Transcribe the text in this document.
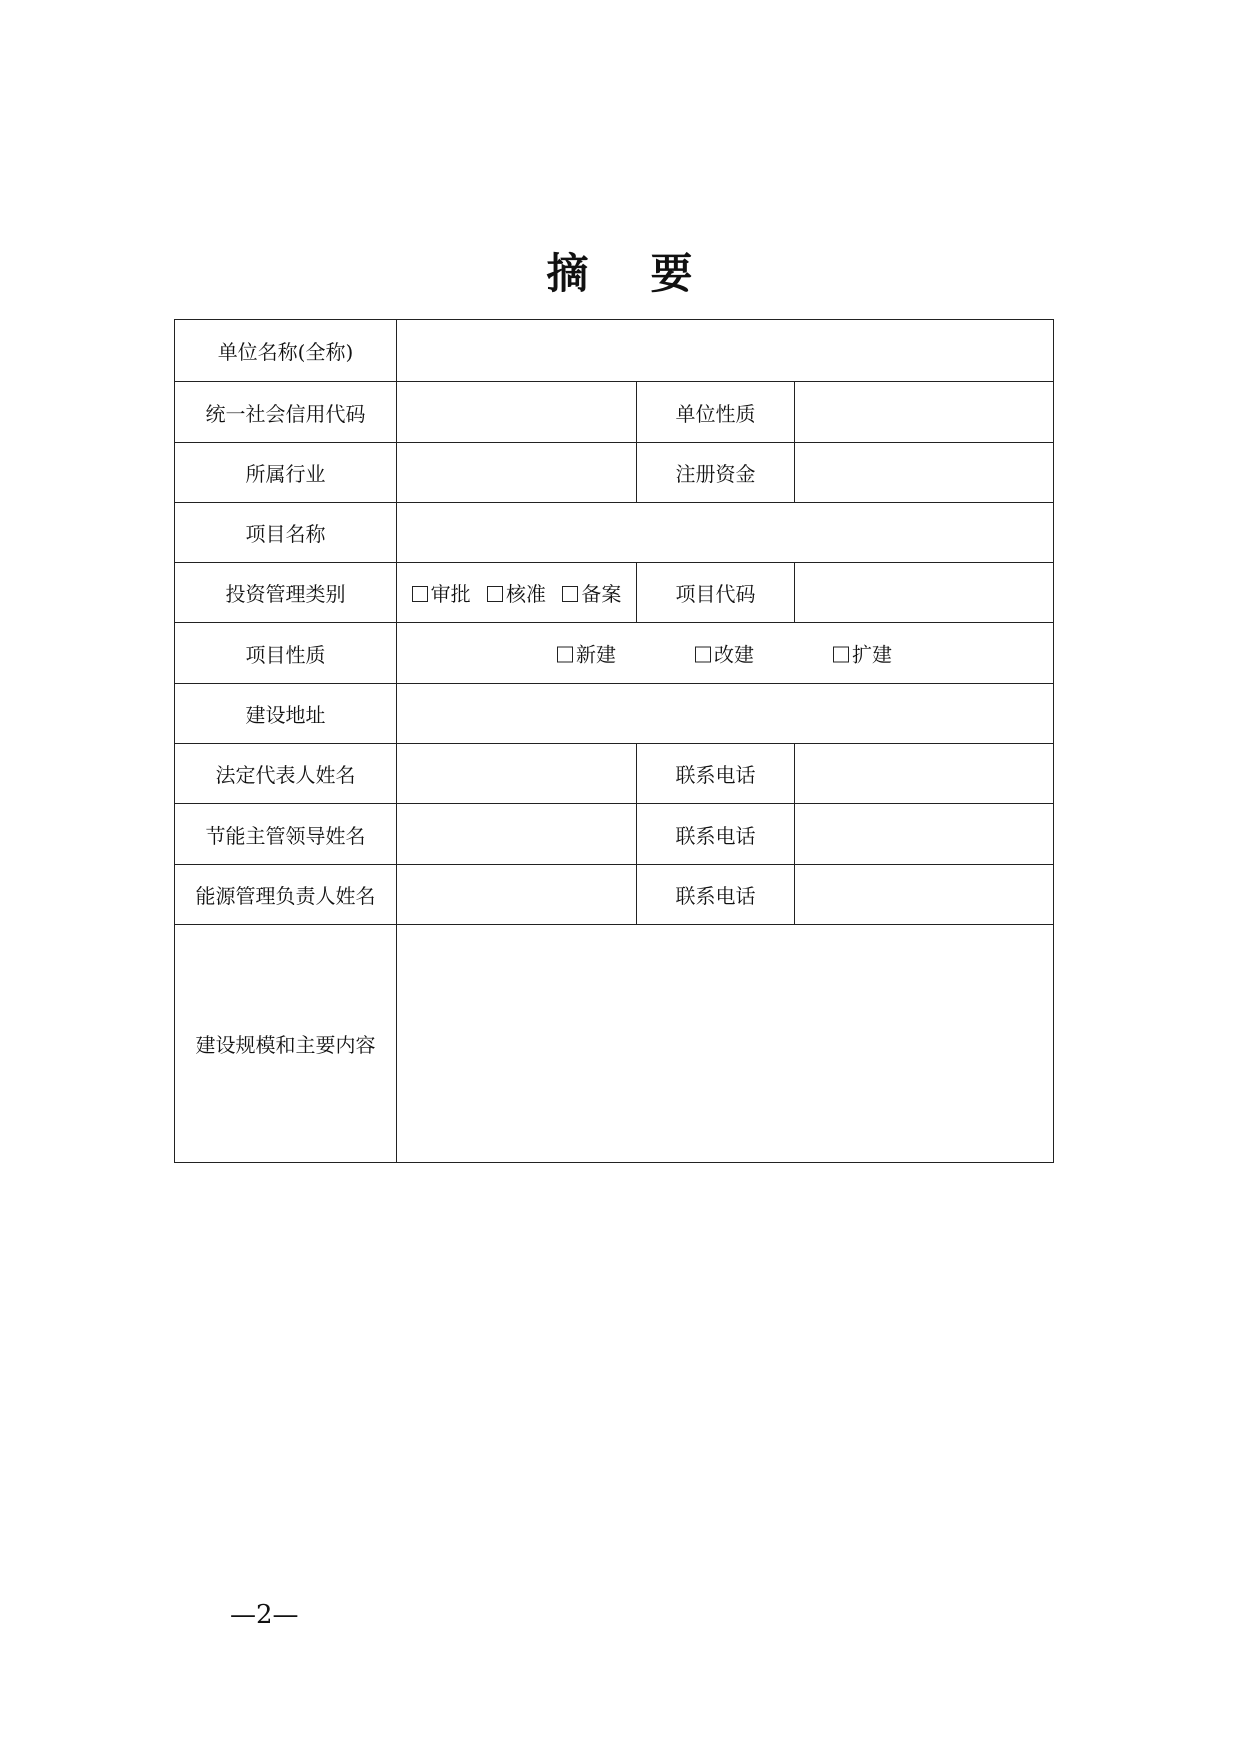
摘 要
单位名称(全称)			
统一社会信用代码		单位性质	
所属行业		注册资金	
项目名称			
投资管理类别	审批 核准 备案	项目代码	
项目性质	新建 改建 扩建		

建设地址			
法定代表人姓名		联系电话	
节能主管领导姓名		联系电话	
能源管理负责人姓名		联系电话	
建设规模和主要内容			
—2—
